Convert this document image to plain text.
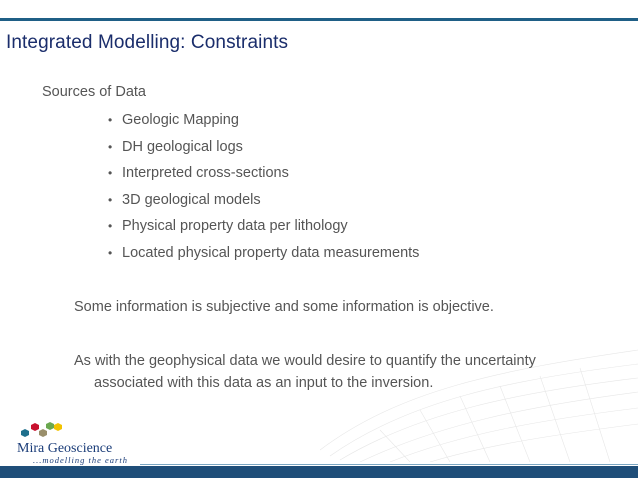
Integrated Modelling: Constraints
Sources of Data
• Geologic Mapping
• DH geological logs
• Interpreted cross-sections
• 3D geological models
• Physical property data per lithology
• Located physical property data measurements
Some information is subjective and some information is objective.
As with the geophysical data we would desire to quantify the uncertainty
associated with this data as an input to the inversion.
Mira Geoscience
...modelling the earth
